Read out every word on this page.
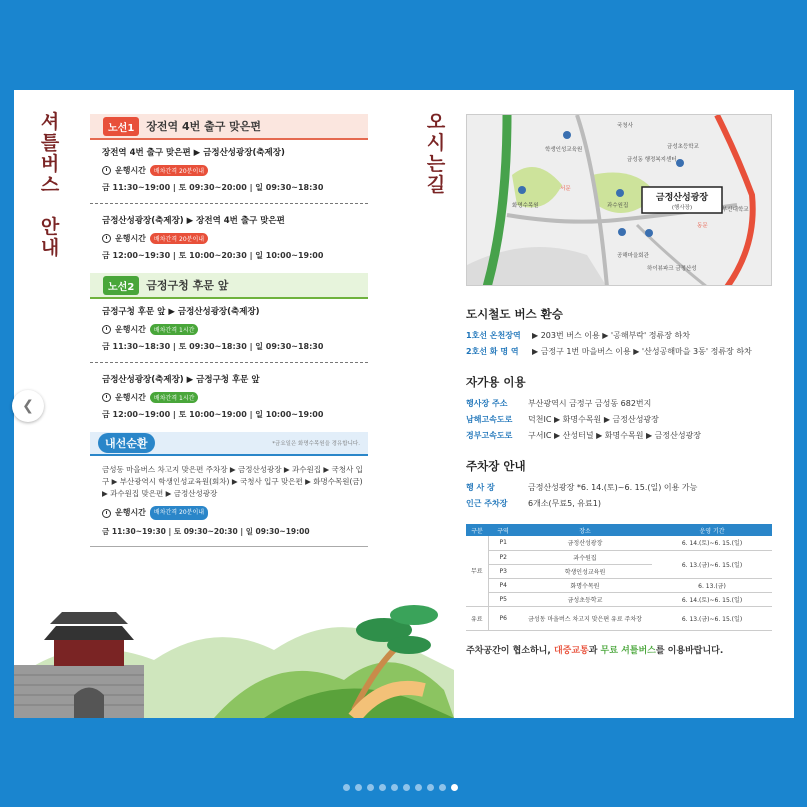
셔
틀
버
스

안
내
오
시
는
길
노선1	장전역 4번 출구 맞은편
장전역 4번 출구 맞은편 ▶ 금정산성광장(축제장)
운행시간	배차간격 20분이내
금 11:30~19:00 | 토 09:30~20:00 | 일 09:30~18:30
금정산성광장(축제장) ▶ 장전역 4번 출구 맞은편
운행시간	배차간격 20분이내
금 12:00~19:30 | 토 10:00~20:30 | 일 10:00~19:00
노선2	금정구청 후문 앞
금정구청 후문 앞 ▶ 금정산성광장(축제장)
운행시간	배차간격 1시간
금 11:30~18:30 | 토 09:30~18:30 | 일 09:30~18:30
금정산성광장(축제장) ▶ 금정구청 후문 앞
운행시간	배차간격 1시간
금 12:00~19:00 | 토 10:00~19:00 | 일 10:00~19:00
내선순환	*금요일은 화명수목원을 경유합니다.
금성동 마을버스 차고지 맞은편 주차장 ▶ 금정산성광장 ▶ 과수원집 ▶ 국청사 입구 ▶ 부산광역시 학생인성교육원(회차) ▶ 국청사 입구 맞은편 ▶ 화명수목원(금) ▶ 과수원집 맞은편 ▶ 금정산성광장
운행시간	배차간격 20분이내
금 11:30~19:30 | 토 09:30~20:30 | 일 09:30~19:00
국청사
학생인성교육원	금성초등학교
금성동 행정복지센터
화명수목원	과수원집
부산대학교
동문
서문
공해마을회관
하이뷰파크 금정산성
금정산성광장
(행사장)
도시철도 버스 환승
1호선 온천장역	▶ 203번 버스 이용 ▶ '공해부락' 정류장 하차
2호선 화 명 역	▶ 금정구 1번 마을버스 이용 ▶ '산성공해마을 3동' 정류장 하차
자가용 이용
행사장 주소	부산광역시 금정구 금성동 682번지
남해고속도로	덕천IC ▶ 화명수목원 ▶ 금정산성광장
경부고속도로	구서IC ▶ 산성터널 ▶ 화명수목원 ▶ 금정산성광장
주차장 안내
행 사 장	금정산성광장 *6. 14.(토)~6. 15.(일) 이용 가능
인근 주차장	6개소(무료5, 유료1)
구분	구역	장소	운영 기간
무료	P1	금정산성광장	6. 14.(토)~6. 15.(일)
	P2	과수원집	6. 13.(금)~6. 15.(일)
	P3	학생인성교육원	
	P4	화명수목원	6. 13.(금)
	P5	금성초등학교	6. 14.(토)~6. 15.(일)
유료	P6	금성동 마을버스 차고지 맞은편 유료 주차장	6. 13.(금)~6. 15.(일)
주차공간이 협소하니, 대중교통과 무료 셔틀버스를 이용바랍니다.
❮
